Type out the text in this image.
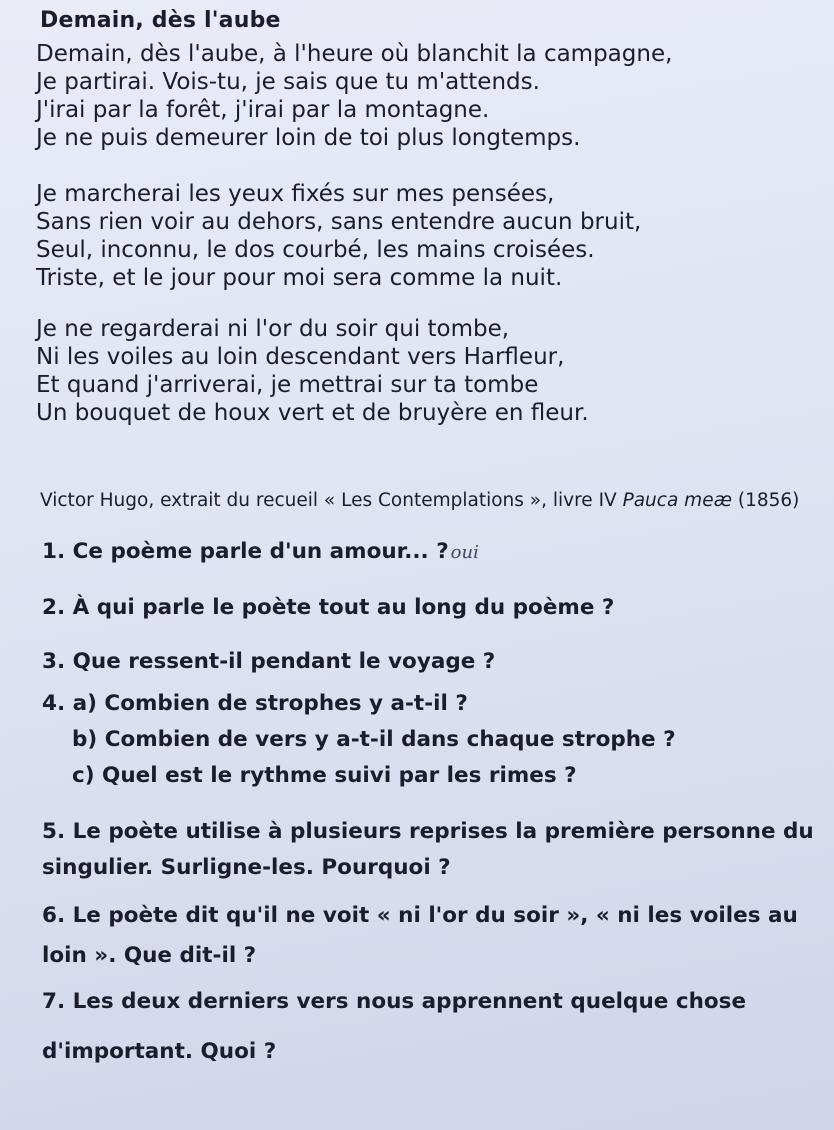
Demain, dès l'aube
Demain, dès l'aube, à l'heure où blanchit la campagne,
Je partirai. Vois-tu, je sais que tu m'attends.
J'irai par la forêt, j'irai par la montagne.
Je ne puis demeurer loin de toi plus longtemps.
Je marcherai les yeux fixés sur mes pensées,
Sans rien voir au dehors, sans entendre aucun bruit,
Seul, inconnu, le dos courbé, les mains croisées.
Triste, et le jour pour moi sera comme la nuit.
Je ne regarderai ni l'or du soir qui tombe,
Ni les voiles au loin descendant vers Harfleur,
Et quand j'arriverai, je mettrai sur ta tombe
Un bouquet de houx vert et de bruyère en fleur.
Victor Hugo, extrait du recueil « Les Contemplations », livre IV Pauca meæ (1856)
1. Ce poème parle d'un amour... ? oui
2. À qui parle le poète tout au long du poème ?
3. Que ressent-il pendant le voyage ?
4. a) Combien de strophes y a-t-il ?
b) Combien de vers y a-t-il dans chaque strophe ?
c) Quel est le rythme suivi par les rimes ?
5. Le poète utilise à plusieurs reprises la première personne du
singulier. Surligne-les. Pourquoi ?
6. Le poète dit qu'il ne voit « ni l'or du soir », « ni les voiles au
loin ». Que dit-il ?
7. Les deux derniers vers nous apprennent quelque chose
d'important. Quoi ?
